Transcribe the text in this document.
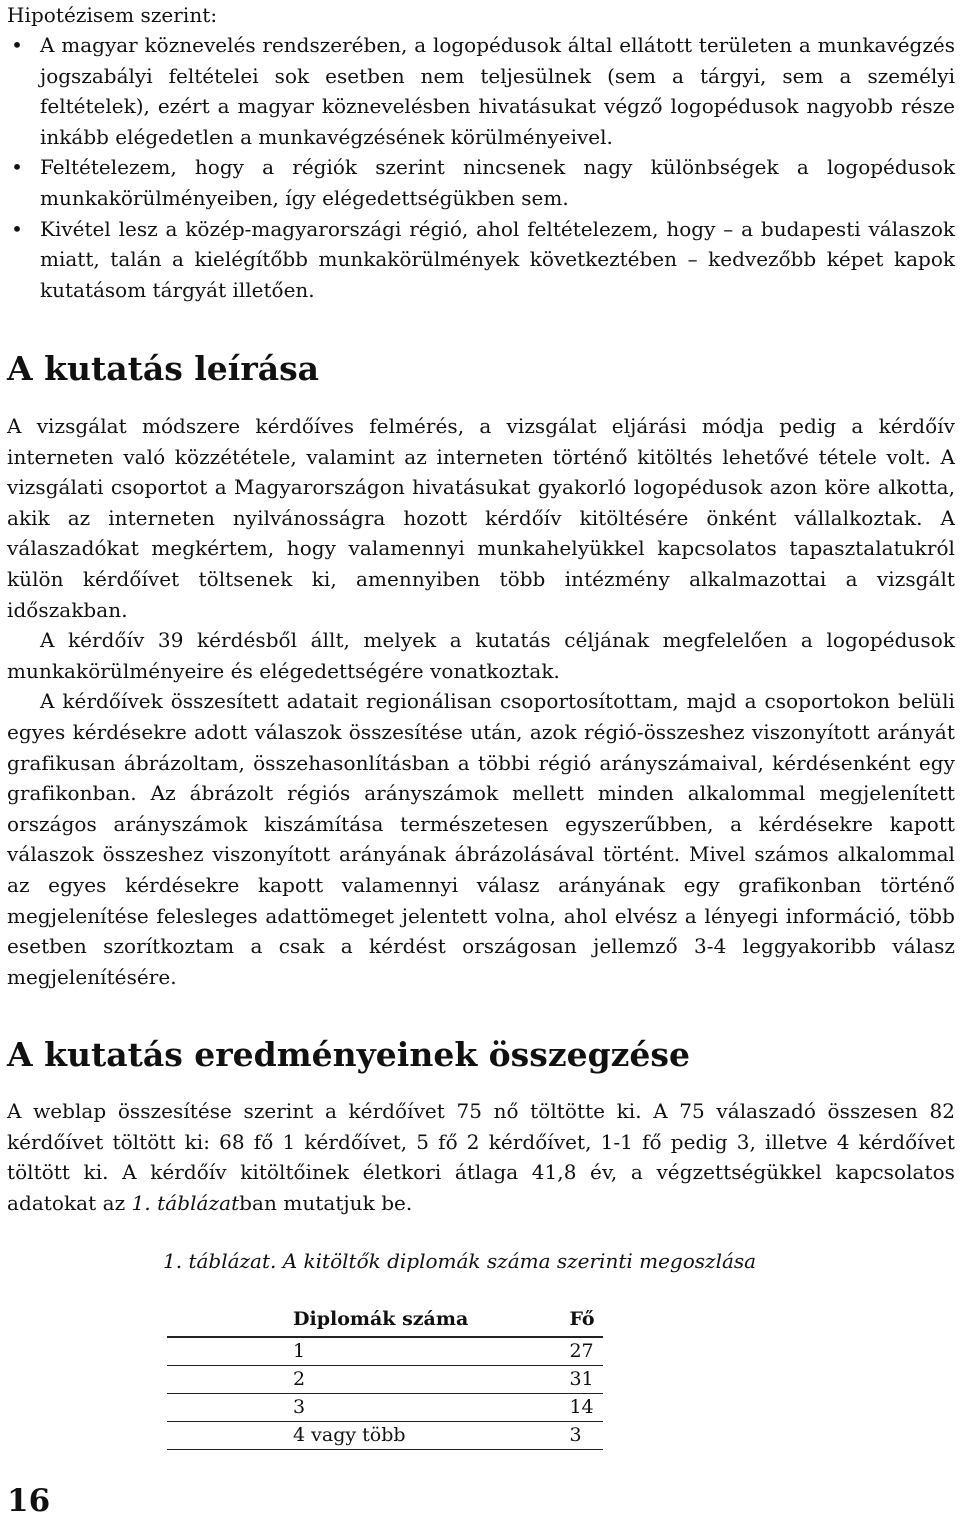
Hipotézisem szerint:

• A magyar köznevelés rendszerében, a logopédusok által ellátott területen a munkavégzés jogszabályi feltételei sok esetben nem teljesülnek (sem a tárgyi, sem a személyi feltételek), ezért a magyar köznevelésben hivatásukat végző logopédusok nagyobb része inkább elégedetlen a munkavégzésének körülményeivel.
• Feltételezem, hogy a régiók szerint nincsenek nagy különbségek a logopédusok munkakörülményeiben, így elégedettségükben sem.
• Kivétel lesz a közép-magyarországi régió, ahol feltételezem, hogy – a budapesti válaszok miatt, talán a kielégítőbb munkakörülmények következtében – kedvezőbb képet kapok kutatásom tárgyát illetően.
A kutatás leírása

A vizsgálat módszere kérdőíves felmérés, a vizsgálat eljárási módja pedig a kérdőív interneten való közzététele, valamint az interneten történő kitöltés lehetővé tétele volt. A vizsgálati csoportot a Magyarországon hivatásukat gyakorló logopédusok azon köre alkotta, akik az interneten nyilvánosságra hozott kérdőív kitöltésére önként vállalkoztak. A válaszadókat megkértem, hogy valamennyi munkahelyükkel kapcsolatos tapasztalatukról külön kérdőívet töltsenek ki, amennyiben több intézmény alkalmazottai a vizsgált időszakban.

A kérdőív 39 kérdésből állt, melyek a kutatás céljának megfelelően a logopédusok munkakörülményeire és elégedettségére vonatkoztak.

A kérdőívek összesített adatait regionálisan csoportosítottam, majd a csoportokon belüli egyes kérdésekre adott válaszok összesítése után, azok régió-összeshez viszonyított arányát grafikusan ábrázoltam, összehasonlításban a többi régió arányszámaival, kérdésenként egy grafikonban. Az ábrázolt régiós arányszámok mellett minden alkalommal megjelenített országos arányszámok kiszámítása természetesen egyszerűbben, a kérdésekre kapott válaszok összeshez viszonyított arányának ábrázolásával történt. Mivel számos alkalommal az egyes kérdésekre kapott valamennyi válasz arányának egy grafikonban történő megjelenítése felesleges adattömeget jelentett volna, ahol elvész a lényegi információ, több esetben szorítkoztam a csak a kérdést országosan jellemző 3-4 leggyakoribb válasz megjelenítésére.

A kutatás eredményeinek összegzése

A weblap összesítése szerint a kérdőívet 75 nő töltötte ki. A 75 válaszadó összesen 82 kérdőívet töltött ki: 68 fő 1 kérdőívet, 5 fő 2 kérdőívet, 1-1 fő pedig 3, illetve 4 kérdőívet töltött ki. A kérdőív kitöltőinek életkori átlaga 41,8 év, a végzettségükkel kapcsolatos adatokat az 1. táblázatban mutatjuk be.

1. táblázat. A kitöltők diplomák száma szerinti megoszlása
Diplomák száma	Fő
1	27
2	31
3	14
4 vagy több	3
16
